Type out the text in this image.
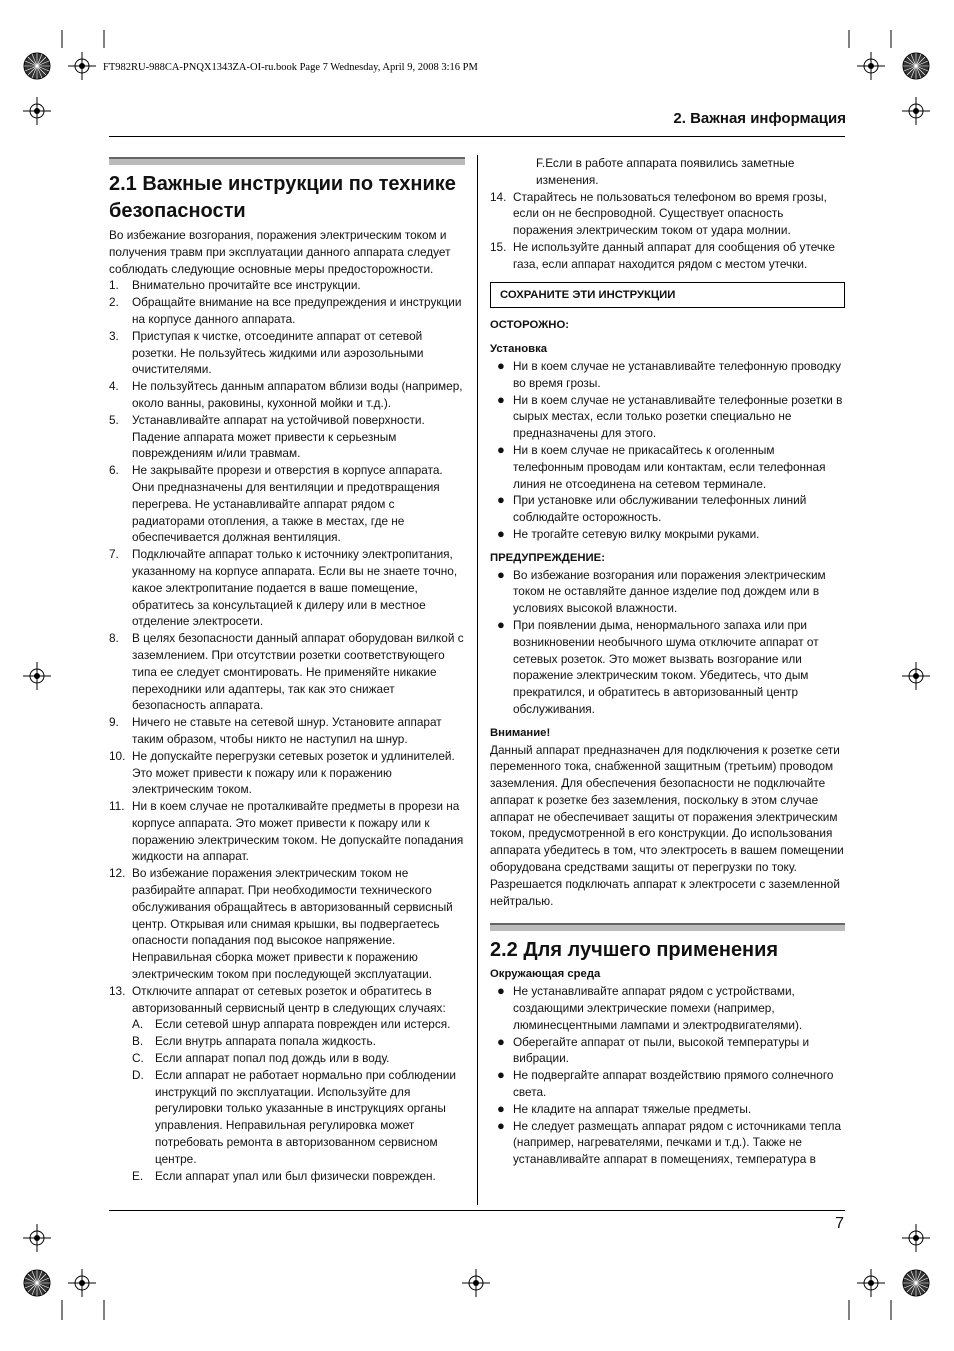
FT982RU-988CA-PNQX1343ZA-OI-ru.book Page 7 Wednesday, April 9, 2008 3:16 PM
2. Важная информация
2.1 Важные инструкции по технике безопасности

Во избежание возгорания, поражения электрическим током и получения травм при эксплуатации данного аппарата следует соблюдать следующие основные меры предосторожности.

1. Внимательно прочитайте все инструкции.
2. Обращайте внимание на все предупреждения и инструкции на корпусе данного аппарата.
3. Приступая к чистке, отсоедините аппарат от сетевой розетки. Не пользуйтесь жидкими или аэрозольными очистителями.
4. Не пользуйтесь данным аппаратом вблизи воды (например, около ванны, раковины, кухонной мойки и т.д.).
5. Устанавливайте аппарат на устойчивой поверхности. Падение аппарата может привести к серьезным повреждениям и/или травмам.
6. Не закрывайте прорези и отверстия в корпусе аппарата. Они предназначены для вентиляции и предотвращения перегрева. Не устанавливайте аппарат рядом с радиаторами отопления, а также в местах, где не обеспечивается должная вентиляция.
7. Подключайте аппарат только к источнику электропитания, указанному на корпусе аппарата. Если вы не знаете точно, какое электропитание подается в ваше помещение, обратитесь за консультацией к дилеру или в местное отделение электросети.
8. В целях безопасности данный аппарат оборудован вилкой с заземлением. При отсутствии розетки соответствующего типа ее следует смонтировать. Не применяйте никакие переходники или адаптеры, так как это снижает безопасность аппарата.
9. Ничего не ставьте на сетевой шнур. Установите аппарат таким образом, чтобы никто не наступил на шнур.
10. Не допускайте перегрузки сетевых розеток и удлинителей. Это может привести к пожару или к поражению электрическим током.
11. Ни в коем случае не проталкивайте предметы в прорези на корпусе аппарата. Это может привести к пожару или к поражению электрическим током. Не допускайте попадания жидкости на аппарат.
12. Во избежание поражения электрическим током не разбирайте аппарат. При необходимости технического обслуживания обращайтесь в авторизованный сервисный центр. Открывая или снимая крышки, вы подвергаетесь опасности попадания под высокое напряжение. Неправильная сборка может привести к поражению электрическим током при последующей эксплуатации.
13. Отключите аппарат от сетевых розеток и обратитесь в авторизованный сервисный центр в следующих случаях:
A. Если сетевой шнур аппарата поврежден или истерся.
B. Если внутрь аппарата попала жидкость.
C. Если аппарат попал под дождь или в воду.
D. Если аппарат не работает нормально при соблюдении инструкций по эксплуатации. Используйте для регулировки только указанные в инструкциях органы управления. Неправильная регулировка может потребовать ремонта в авторизованном сервисном центре.
E. Если аппарат упал или был физически поврежден.
F.Если в работе аппарата появились заметные изменения.
14. Старайтесь не пользоваться телефоном во время грозы, если он не беспроводной. Существует опасность поражения электрическим током от удара молнии.
15. Не используйте данный аппарат для сообщения об утечке газа, если аппарат находится рядом с местом утечки.
СОХРАНИТЕ ЭТИ ИНСТРУКЦИИ
ОСТОРОЖНО:
Установка
● Ни в коем случае не устанавливайте телефонную проводку во время грозы.
● Ни в коем случае не устанавливайте телефонные розетки в сырых местах, если только розетки специально не предназначены для этого.
● Ни в коем случае не прикасайтесь к оголенным телефонным проводам или контактам, если телефонная линия не отсоединена на сетевом терминале.
● При установке или обслуживании телефонных линий соблюдайте осторожность.
● Не трогайте сетевую вилку мокрыми руками.
ПРЕДУПРЕЖДЕНИЕ:
● Во избежание возгорания или поражения электрическим током не оставляйте данное изделие под дождем или в условиях высокой влажности.
● При появлении дыма, ненормального запаха или при возникновении необычного шума отключите аппарат от сетевых розеток. Это может вызвать возгорание или поражение электрическим током. Убедитесь, что дым прекратился, и обратитесь в авторизованный центр обслуживания.
Внимание!

Данный аппарат предназначен для подключения к розетке сети переменного тока, снабженной защитным (третьим) проводом заземления. Для обеспечения безопасности не подключайте аппарат к розетке без заземления, поскольку в этом случае аппарат не обеспечивает защиты от поражения электрическим током, предусмотренной в его конструкции. До использования аппарата убедитесь в том, что электросеть в вашем помещении оборудована средствами защиты от перегрузки по току.

Разрешается подключать аппарат к электросети с заземленной нейтралью.

2.2 Для лучшего применения
Окружающая среда
● Не устанавливайте аппарат рядом с устройствами, создающими электрические помехи (например, люминесцентными лампами и электродвигателями).
● Оберегайте аппарат от пыли, высокой температуры и вибрации.
● Не подвергайте аппарат воздействию прямого солнечного света.
● Не кладите на аппарат тяжелые предметы.
● Не следует размещать аппарат рядом с источниками тепла (например, нагревателями, печками и т.д.). Также не устанавливайте аппарат в помещениях, температура в
7
